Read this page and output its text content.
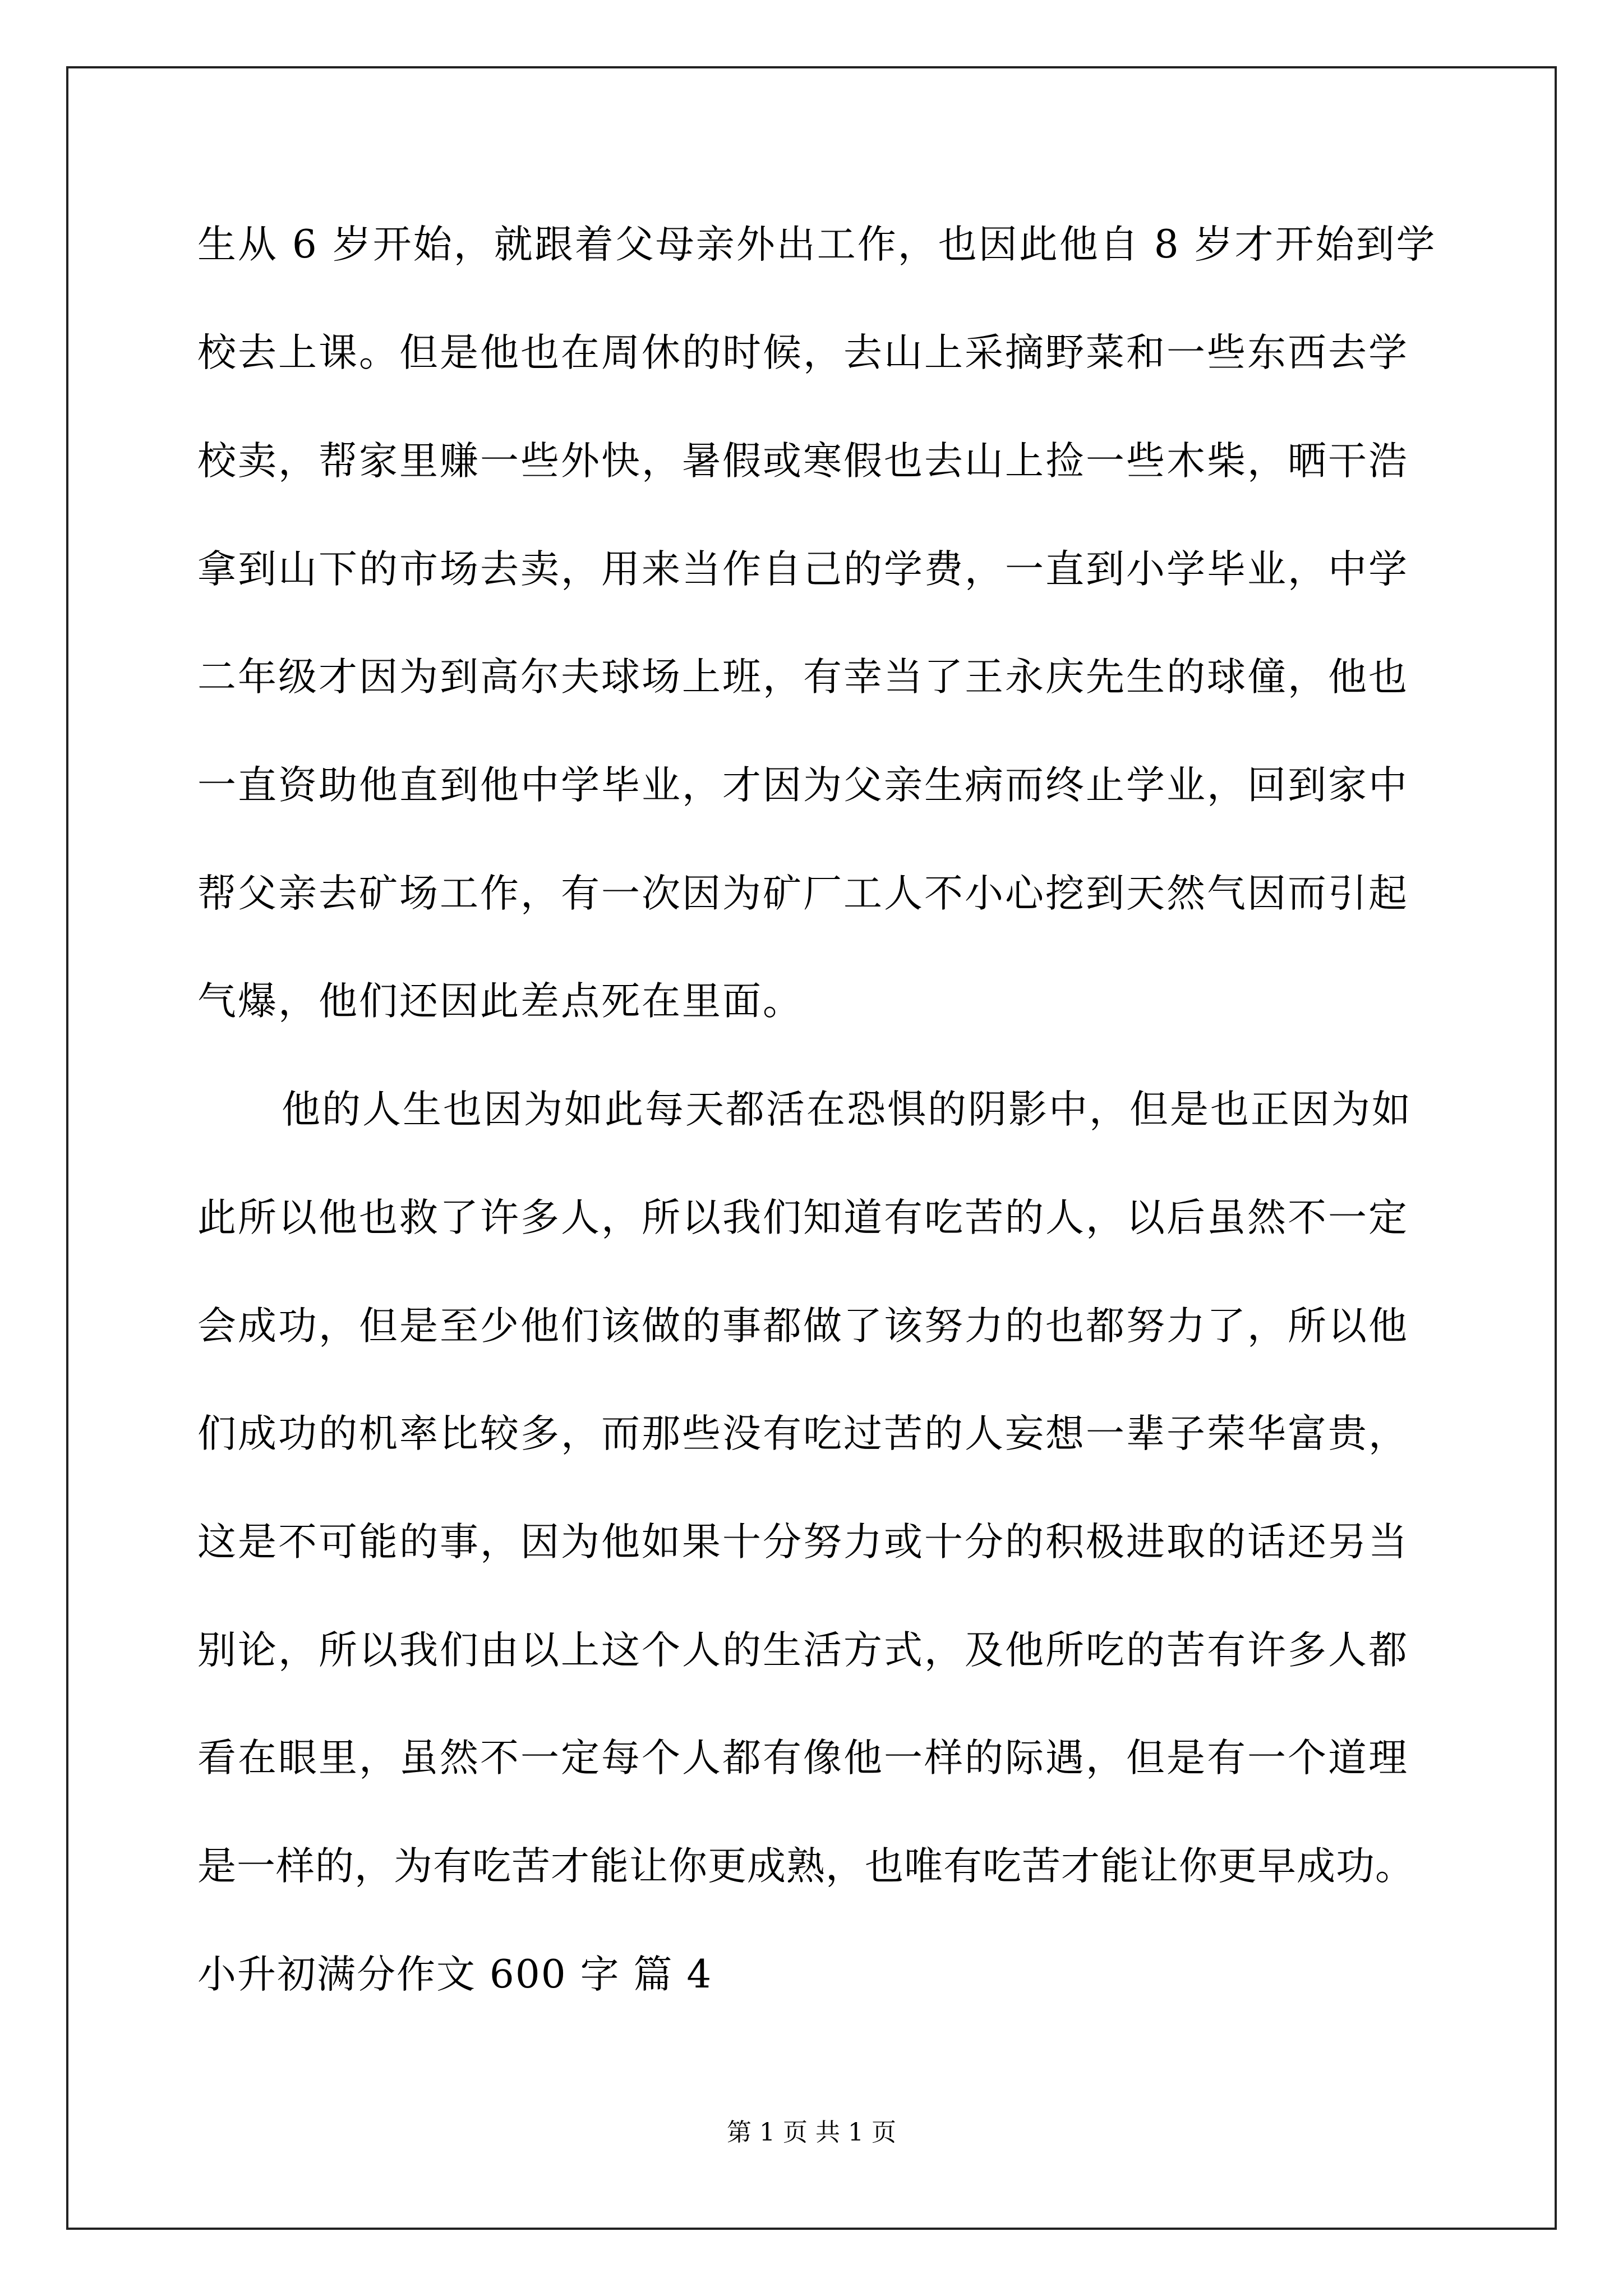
生从 6 岁开始，就跟着父母亲外出工作，也因此他自 8 岁才开始到学
校去上课。但是他也在周休的时候，去山上采摘野菜和一些东西去学
校卖，帮家里赚一些外快，暑假或寒假也去山上捡一些木柴，晒干浩
拿到山下的市场去卖，用来当作自己的学费，一直到小学毕业，中学
二年级才因为到高尔夫球场上班，有幸当了王永庆先生的球僮，他也
一直资助他直到他中学毕业，才因为父亲生病而终止学业，回到家中
帮父亲去矿场工作，有一次因为矿厂工人不小心挖到天然气因而引起
气爆，他们还因此差点死在里面。
他的人生也因为如此每天都活在恐惧的阴影中，但是也正因为如
此所以他也救了许多人，所以我们知道有吃苦的人，以后虽然不一定
会成功，但是至少他们该做的事都做了该努力的也都努力了，所以他
们成功的机率比较多，而那些没有吃过苦的人妄想一辈子荣华富贵，
这是不可能的事，因为他如果十分努力或十分的积极进取的话还另当
别论，所以我们由以上这个人的生活方式，及他所吃的苦有许多人都
看在眼里，虽然不一定每个人都有像他一样的际遇，但是有一个道理
是一样的，为有吃苦才能让你更成熟，也唯有吃苦才能让你更早成功。
小升初满分作文 600 字 篇 4
第 1 页 共 1 页
